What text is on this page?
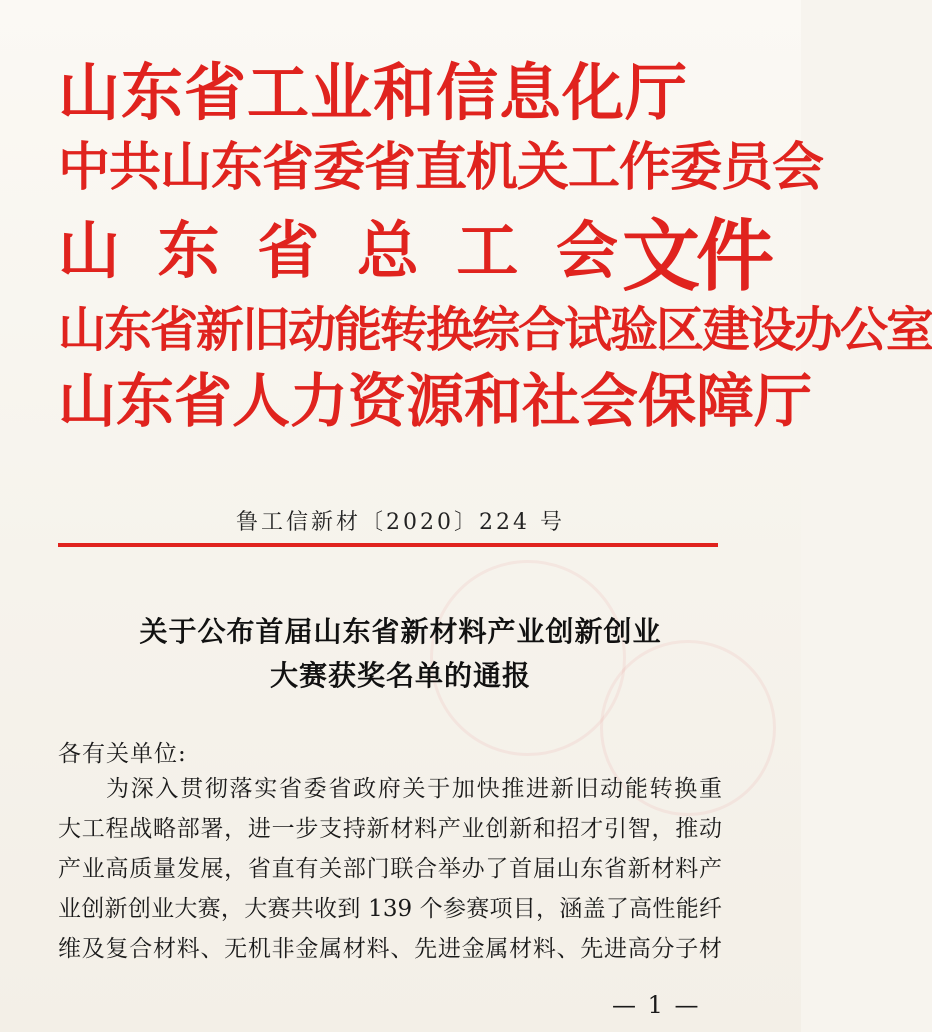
山东省工业和信息化厅
中共山东省委省直机关工作委员会
山 东 省 总 工 会
山东省新旧动能转换综合试验区建设办公室
山东省人力资源和社会保障厅
文件
鲁工信新材〔2020〕224 号
关于公布首届山东省新材料产业创新创业
大赛获奖名单的通报
各有关单位:
为深入贯彻落实省委省政府关于加快推进新旧动能转换重
大工程战略部署，进一步支持新材料产业创新和招才引智，推动
产业高质量发展，省直有关部门联合举办了首届山东省新材料产
业创新创业大赛，大赛共收到 139 个参赛项目，涵盖了高性能纤
维及复合材料、无机非金属材料、先进金属材料、先进高分子材
— 1 —
